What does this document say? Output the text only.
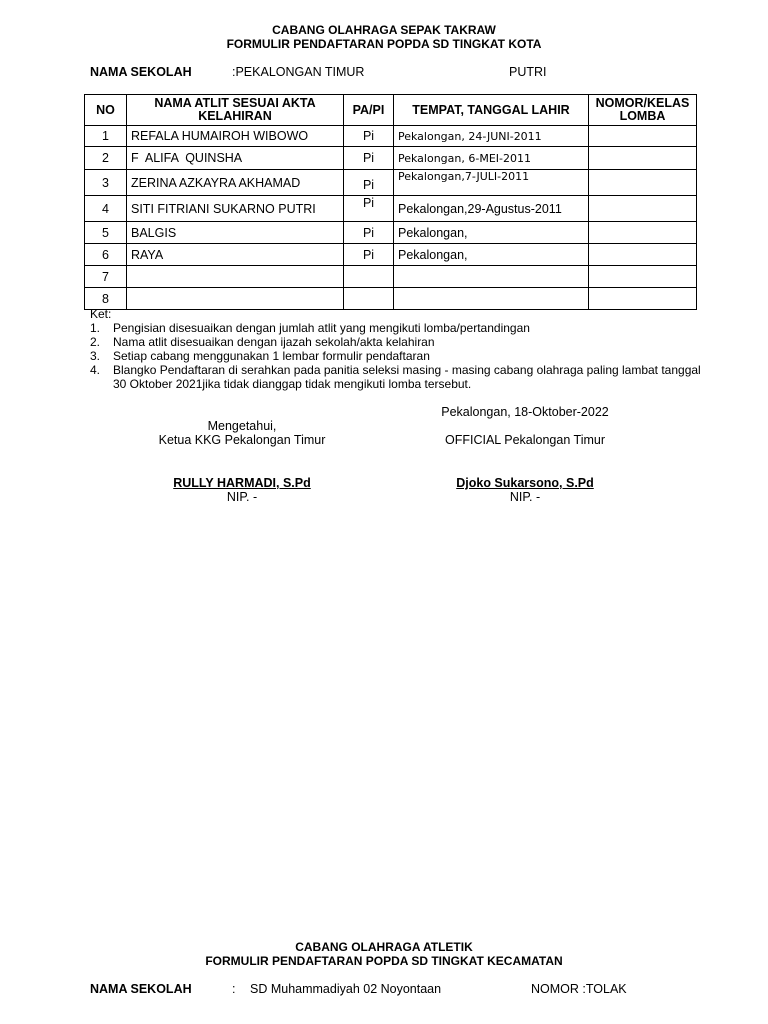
CABANG OLAHRAGA SEPAK TAKRAW
FORMULIR PENDAFTARAN POPDA SD TINGKAT KOTA
NAMA SEKOLAH	:PEKALONGAN TIMUR	PUTRI
NO	NAMA ATLIT SESUAI AKTA KELAHIRAN	PA/PI	TEMPAT, TANGGAL LAHIR	NOMOR/KELAS LOMBA
1	REFALA HUMAIROH WIBOWO	Pi	Pekalongan, 24-JUNI-2011	
2	F  ALIFA  QUINSHA	Pi	Pekalongan, 6-MEI-2011	
3	ZERINA AZKAYRA AKHAMAD	Pi	Pekalongan,7-JULI-2011	
4	SITI FITRIANI SUKARNO PUTRI	Pi	Pekalongan,29-Agustus-2011	
5	BALGIS	Pi	Pekalongan,	
6	RAYA	Pi	Pekalongan,	
7				
8				
Ket:
1. Pengisian disesuaikan dengan jumlah atlit yang mengikuti lomba/pertandingan
2. Nama atlit disesuaikan dengan ijazah sekolah/akta kelahiran
3. Setiap cabang menggunakan 1 lembar formulir pendaftaran
4. Blangko Pendaftaran di serahkan pada panitia seleksi masing - masing cabang olahraga paling lambat tanggal 30 Oktober 2021jika tidak dianggap tidak mengikuti lomba tersebut.
Pekalongan, 18-Oktober-2022
Mengetahui,
Ketua KKG Pekalongan Timur	OFFICIAL Pekalongan Timur
RULLY HARMADI, S.Pd
NIP. -
Djoko Sukarsono, S.Pd
NIP. -
CABANG OLAHRAGA ATLETIK
FORMULIR PENDAFTARAN POPDA SD TINGKAT KECAMATAN
NAMA SEKOLAH	: SD Muhammadiyah 02 Noyontaan	NOMOR :TOLAK
